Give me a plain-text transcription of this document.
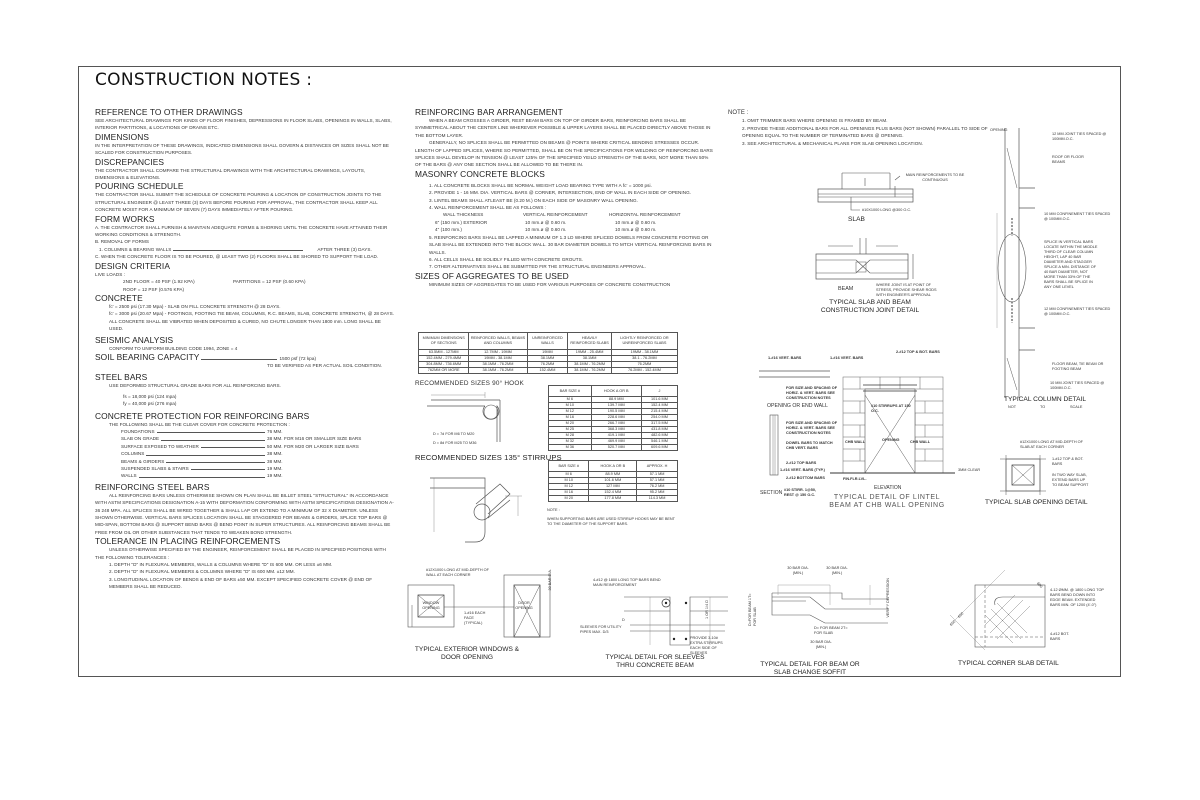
CONSTRUCTION NOTES :

REFERENCE TO OTHER DRAWINGS

SEE ARCHITECTURAL DRAWINGS FOR KINDS OF FLOOR FINISHES, DEPRESSIONS IN FLOOR SLABS, OPENINGS IN WALLS, SLABS, INTERIOR PARTITIONS, & LOCATIONS OF DRAINS ETC.

DIMENSIONS

IN THE INTERPRETATION OF THESE DRAWINGS, INDICATED DIMENSIONS SHALL GOVERN & DISTANCES OR SIZES SHALL NOT BE SCALED FOR CONSTRUCTION PURPOSES.

DISCREPANCIES

THE CONTRACTOR SHALL COMPARE THE STRUCTURAL DRAWINGS WITH THE ARCHITECTURAL DRAWINGS, LAYOUTS, DIMENSIONS & ELEVATIONS.

POURING SCHEDULE

THE CONTRACTOR SHALL SUBMIT THE SCHEDULE OF CONCRETE POURING & LOCATION OF CONSTRUCTION JOINTS TO THE STRUCTURAL ENGINEER @ LEAST THREE (3) DAYS BEFORE POURING FOR APPROVAL, THE CONTRACTOR SHALL KEEP ALL CONCRETE MOIST FOR A MINIMUM OF SEVEN (7) DAYS IMMEDIATELY AFTER POURING.

FORM WORKS

A. THE CONTRACTOR SHALL FURNISH & MAINTAIN ADEQUATE FORMS & SHORING UNTIL THE CONCRETE HAVE ATTAINED THEIR WORKING CONDITIONS & STRENGTH.

B. REMOVAL OF FORMS

1. COLUMNS & BEARING WALLS	AFTER THREE (3) DAYS.

C. WHEN THE CONCRETE FLOOR IS TO BE POURED, @ LEAST TWO (2) FLOORS SHALL BE SHORED TO SUPPORT THE LOAD.

DESIGN CRITERIA

LIVE LOADS :

2ND FLOOR = 40 PSF (1.92 KPA)	PARTITIONS = 12 PSF (0.60 KPA)

ROOF = 12 PSF (0.576 KPA)

CONCRETE

fc' = 2500 psi (17.30 Mpa) - SLAB ON FILL CONCRETE STRENGTH @ 28 DAYS.

fc' = 3000 psi (20.67 Mpa) - FOOTINGS, FOOTING TIE BEAM, COLUMNS, R.C. BEAMS, SLAB, CONCRETE STRENGTH, @ 28 DAYS. ALL CONCRETE SHALL BE VIBRATED WHEN DEPOSITED & CURED, NO CHUTE LONGER THAN 1800 mm. LONG SHALL BE USED.

SEISMIC ANALYSIS

CONFORM TO UNIFORM BUILDING CODE 1994, ZONE = 4

SOIL BEARING CAPACITY	1500 psf (72 kpa)

TO BE VERIFIED AS PER ACTUAL SOIL CONDITION.

STEEL BARS

USE DEFORMED STRUCTURAL GRADE BARS FOR ALL REINFORCING BARS.

fs = 18,000 psi (124 mpa)

fy = 40,000 psi (276 mpa)

CONCRETE PROTECTION FOR REINFORCING BARS

THE FOLLOWING SHALL BE THE CLEAR COVER FOR CONCRETE PROTECTION :

FOUNDATIONS	76 MM.
SLAB ON GRADE	38 MM. FOR M16 OR SMALLER SIZE BARS
SURFACE EXPOSED TO WEATHER	50 MM. FOR M20 OR LARGER SIZE BARS
COLUMNS	38 MM.
BEAMS & GIRDERS	38 MM.
SUSPENDED SLABS & STAIRS	19 MM.
WALLS	19 MM.

REINFORCING STEEL BARS

ALL REINFORCING BARS UNLESS OTHERWISE SHOWN ON PLAN SHALL BE BILLET STEEL "STRUCTURAL" IN ACCORDANCE WITH ASTM SPECIFICATIONS DESIGNATION A-15 WITH DEFORMATION CONFORMING WITH ASTM SPECIFICATIONS DESIGNATION A-36 248 MPA. ALL SPLICES SHALL BE WIRED TOGETHER & SHALL LAP OR EXTEND TO A MINIMUM OF 32 X DIAMETER. UNLESS SHOWN OTHERWISE. VERTICAL BARS SPLICES LOCATION SHALL BE STAGGERED FOR BEAMS & GIRDERS, SPLICE TOP BARS @ MID-SPAN, BOTTOM BARS @ SUPPORT BEND BARS @ BEND POINT IN SUPER STRUCTURES. ALL REINFORCING BEAMS SHALL BE FREE FROM OIL OR OTHER SUBSTANCES THAT TENDS TO WEAKEN BOND STRENGTH.

TOLERANCE IN PLACING REINFORCEMENTS

UNLESS OTHERWISE SPECIFIED BY THE ENGINEER, REINFORCEMENT SHALL BE PLACED IN SPECIFIED POSITIONS WITH THE FOLLOWING TOLERANCES :

1. DEPTH "D" IN FLEXURAL MEMBERS, WALLS & COLUMNS WHERE "D" IS 600 MM. OR LESS ±6 MM.

2. DEPTH "D" IN FLEXURAL MEMBERS & COLUMNS WHERE "D" IS 600 MM. ±12 MM.

3. LONGITUDINAL LOCATION OF BENDS & END OF BARS ±50 MM. EXCEPT SPECIFIED CONCRETE COVER @ END OF MEMBERS SHALL BE REDUCED.

REINFORCING BAR ARRANGEMENT

WHEN A BEAM CROSSES A GIRDER, REST BEAM BARS ON TOP OF GIRDER BARS, REINFORCING BARS SHALL BE SYMMETRICAL ABOUT THE CENTER LINE WHEREVER POSSIBLE & UPPER LAYERS SHALL BE PLACED DIRECTLY ABOVE THOSE IN THE BOTTOM LAYER.

GENERALLY, NO SPLICES SHALL BE PERMITTED ON BEAMS @ POINTS WHERE CRITICAL BENDING STRESSES OCCUR. LENGTH OF LAPPED SPLICES, WHERE SO PERMITTED, SHALL BE ON THE SPECIFICATIONS FOR WELDING OF REINFORCING BARS SPLICES SHALL DEVELOP IN TENSION @ LEAST 125% OF THE SPECIFIED YEILD STRENGTH OF THE BARS, NOT MORE THAN 50% OF THE BARS @ ANY ONE SECTION SHALL BE ALLOWED TO BE THERE IN.

MASONRY CONCRETE BLOCKS

1. ALL CONCRETE BLOCKS SHALL BE NORMAL WEIGHT LOAD BEARING TYPE WITH A fc' = 1000 psi.

2. PROVIDE 1 - 16 MM. DIA. VERTICAL BARS @ CORNER, INTERSECTION, END OF WALL IN EACH SIDE OF OPENING.

3. LINTEL BEAMS SHALL ATLEAST BE (0.20 M.) ON EACH SIDE OF MASONRY WALL OPENING.

4. WALL REINFORCEMENT SHALL BE AS FOLLOWS :

WALL THICKNESS	VERTICAL REINFORCEMENT	HORIZONTAL REINFORCEMENT
6" (150 mm.) EXTERIOR	10 mm.ø @ 0.60 m.	10 mm.ø @ 0.60 m.
4" (100 mm.)	10 mm.ø @ 0.60 m.	10 mm.ø @ 0.60 m.

5. REINFORCING BARS SHALL BE LAPPED A MINIMUM OF 1.3 LD WHERE SPLICED DOWELS FROM CONCRETE FOOTING OR SLAB SHALL BE EXTENDED INTO THE BLOCK WALL. 30 BAR DIAMETER DOWELS TO MTCH VERTICAL REINFORCING BARS IN WALLS.

6. ALL CELLS SHALL BE SOLIDLY FILLED WITH CONCRETE GROUTS.

7. OTHER ALTERNATIVES SHALL BE SUBMITTED FIR THE STRUCTURAL ENGINEERS APPROVAL.

SIZES OF AGGREGATES TO BE USED

MINIMUM SIZES OF AGGREGATES TO BE USED FOR VARIOUS PURPOSES OF CONCRETE CONSTRUCTION

MINIMUM DIMENSIONS OF SECTIONS	REINFORCED WALLS, BEAMS AND COLUMNS	UNREINFORCED WALLS	HEAVILY REINFORCED SLABS	LIGHTLY REINFORCED OR UNREINFORCED SLABS
63.5MM - 127MM	12.7MM - 19MM	19MM	19MM - 25.4MM	19MM - 38.1MM
152.4MM - 279.4MM	19MM - 38.1MM	38.1MM	38.1MM	38.1 - 76.2MM
304.8MM - 736.6MM	38.1MM - 76.2MM	76.2MM	38.1MM - 76.2MM	76.2MM
762MM OR MORE	38.1MM - 76.2MM	152.4MM	38.1MM - 76.2MM	76.2MM - 152.4MM
RECOMMENDED SIZES 90° HOOK
D = 7d FOR M6 TO M20
D = 8d FOR M25 TO M36
BAR SIZE #	HOOK A OR B	J
M 6	88.9 MM	101.6 MM
M 10	139.7 MM	152.4 MM
M 12	190.5 MM	215.4 MM
M 16	228.6 MM	254.0 MM
M 20	266.7 MM	317.5 MM
M 25	368.3 MM	431.8 MM
M 28	419.1 MM	482.6 MM
M 32	469.9 MM	546.1 MM
M 36	520.7 MM	609.6 MM
RECOMMENDED SIZES 135° STIRRUPS
BAR SIZE #	HOOK A OR B	APPROX. H
M 6	88.9 MM	57.1 MM
M 10	101.6 MM	57.1 MM
M 12	127 MM	76.2 MM
M 16	152.4 MM	95.2 MM
M 20	177.8 MM	114.3 MM
NOTE :
WHEN SUPPORTING BARS ARE USED STIRRUP HOOKS MAY BE BENT TO THE DIAMETER OF THE SUPPORT BARS.

NOTE :

1. OMIT TRIMMER BARS WHERE OPENING IS FRAMED BY BEAM.

2. PROVIDE THESE ADDITIONAL BARS FOR ALL OPENINGS PLUS BARS (NOT SHOWN) PARALLEL TO SIDE OF OPENING EQUAL TO THE NUMBER OF TERMINATED BARS @ OPENING.

3. SEE ARCHITECTURAL & MECHANICAL PLANS FOR SLAB OPENING LOCATION.

MAIN REINFORCEMENTS TO BE CONTINUOUS
#10X1000 LONG @300 O.C.
SLAB
BEAM
WHERE JOINT IS AT POINT OF STRESS, PROVIDE SHEAR RODS WITH ENGINEER'S APPROVAL
TYPICAL SLAB AND BEAM CONSTRUCTION JOINT DETAIL
OPENING
12 MM JOINT TIES SPACED @ 100MM.O.C.
ROOF OR FLOOR BEAMS
10 MM CONFINEMENT TIES SPACED @ 100MM.O.C.
SPLICE IN VERTICAL BARS LOCATE WITHIN THE MIDDLE THIRD OF CLEAR COLUMN HEIGHT, LAP 40 BAR DIAMETER AND STAGGER SPLICE A MIN. DISTANCE OF 40 BAR DIAMETER, NOT MORE THAN 33% OF THE BARS SHALL BE SPLICE IN ANY ONE LEVEL
12 MM CONFINEMENT TIES SPACED @ 100MM.O.C.
FLOOR BEAM, TIE BEAM OR FOOTING BEAM
10 MM JOINT TIES SPACED @ 100MM.O.C.
TYPICAL COLUMN DETAIL
NOT	TO	SCALE
1-#16 VERT. BARS	1-#16 VERT. BARS
2-#12 TOP & BOT. BARS
FOR SIZE AND SPACING OF HORIZ. & VERT. BARS SEE CONSTRUCTION NOTES
OPENING OR END WALL	#10 STIRRUPS AT 150 O.C.
FOR SIZE AND SPACING OF HORIZ. & VERT. BARS SEE CONSTRUCTION NOTES
DOWEL BARS TO MATCH CHB VERT. BARS
CHB WALL	OPENING	CHB WALL
2-#12 TOP BARS
1-#16 VERT. BARS (TYP.)
2-#12 BOTTOM BARS	FIN.FLR.LVL.
SECTION #10 STIRR. 1@50, REST @ 150 O.C.
ELEVATION
TYPICAL DETAIL OF LINTEL BEAM AT CHB WALL OPENING
#12X1000 LONG AT MID-DEPTH OF SLAB AT EACH CORNER
1-#12 TOP & BOT. BARS
3MM CLEAR
IN TWO WAY SLAB, EXTEND BARS UP TO BEAM SUPPORT
TYPICAL SLAB OPENING DETAIL
#12X1000 LONG AT MID-DEPTH OF WALL AT EACH CORNER
WINDOW OPENING
DOOR OPENING
1-#16 EACH FACE (TYPICAL)
30 BAR DIA.
TYPICAL EXTERIOR WINDOWS & DOOR OPENING
4-#12 @ 1800 LONG TOP BARS BEND MAIN REINFORCEMENT
SLEEVES FOR UTILITY PIPES MAX. D/3
PROVIDE 3-10# EXTRA STIRRUPS EACH SIDE OF SLEEVES
D
1 OR 1/4 D
TYPICAL DETAIL FOR SLEEVES THRU CONCRETE BEAM
30 BAR DIA. (MIN.)
30 BAR DIA. (MIN.)
30 BAR DIA. (MIN.)
D=FOR BEAM 1T= FOR SLAB
D= FOR BEAM 2T= FOR SLAB
VERIFY DEPRESSION
TYPICAL DETAIL FOR BEAM OR SLAB CHANGE SOFFIT
4-12 ØMM. @ 1800 LONG TOP BARS BEND DOWN INTO EDGE BEAM. EXTENDED BARS MIN. OF 1200 (4'-0")
4-#12 BOT. BARS
600
600
600
TYPICAL CORNER SLAB DETAIL
